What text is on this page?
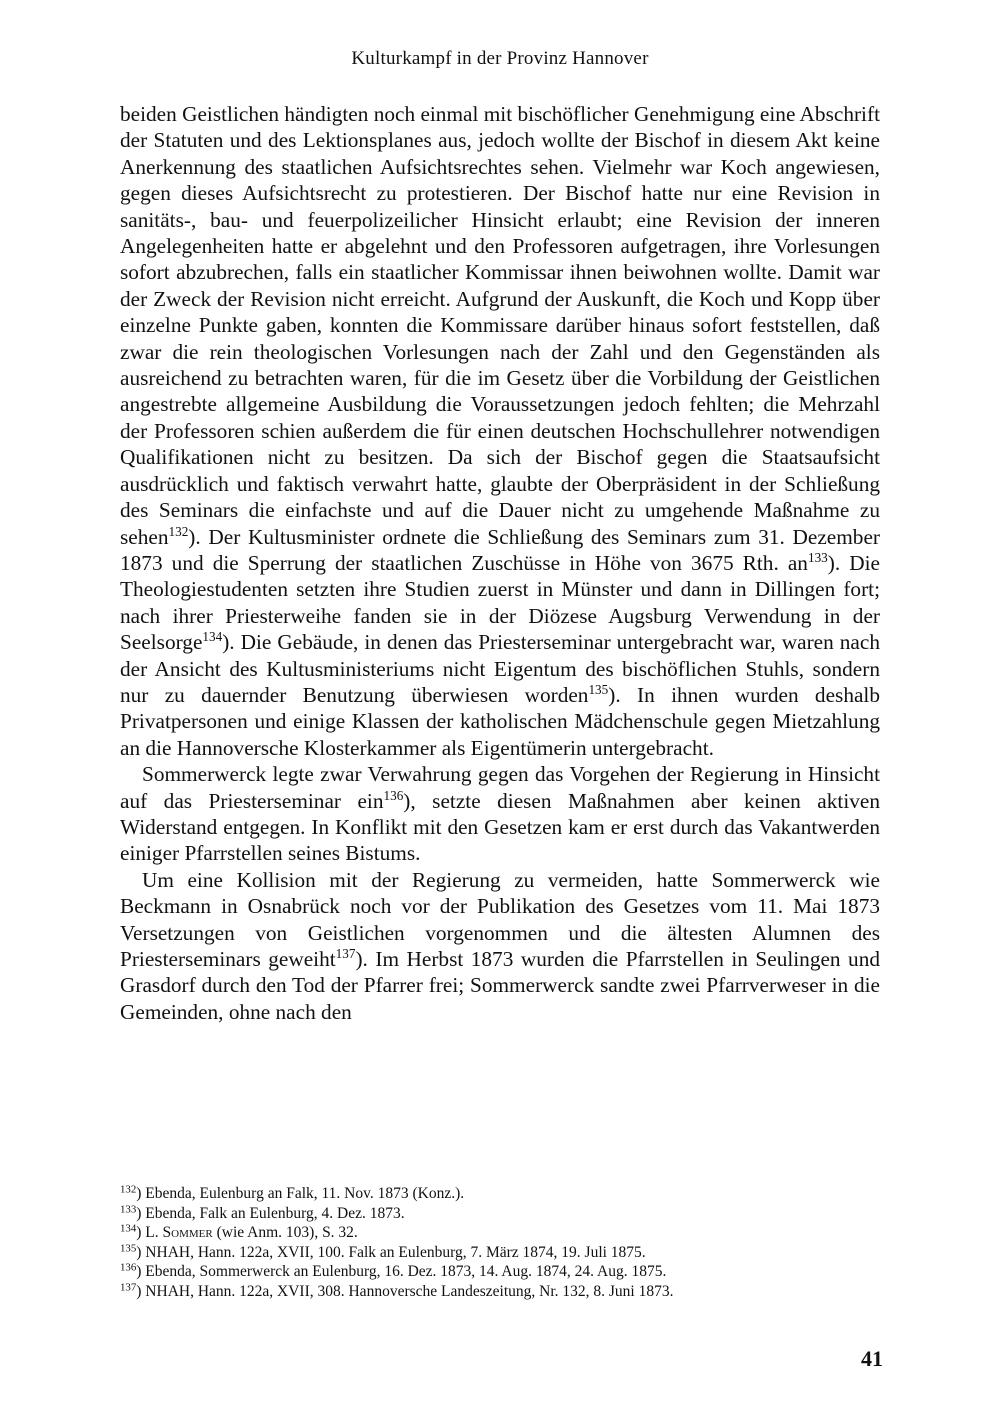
Kulturkampf in der Provinz Hannover

beiden Geistlichen händigten noch einmal mit bischöflicher Genehmigung eine Abschrift der Statuten und des Lektionsplanes aus, jedoch wollte der Bischof in diesem Akt keine Anerkennung des staatlichen Aufsichtsrechtes sehen. Vielmehr war Koch angewiesen, gegen dieses Aufsichtsrecht zu protestieren. Der Bischof hatte nur eine Revision in sanitäts-, bau- und feuerpolizeilicher Hinsicht erlaubt; eine Revision der inneren Angelegenheiten hatte er abgelehnt und den Professoren aufgetragen, ihre Vorlesungen sofort abzubrechen, falls ein staatlicher Kommissar ihnen beiwohnen wollte. Damit war der Zweck der Revision nicht erreicht. Aufgrund der Auskunft, die Koch und Kopp über einzelne Punkte gaben, konnten die Kommissare darüber hinaus sofort feststellen, daß zwar die rein theologischen Vorlesungen nach der Zahl und den Gegenständen als ausreichend zu betrachten waren, für die im Gesetz über die Vorbildung der Geistlichen angestrebte allgemeine Ausbildung die Voraussetzungen jedoch fehlten; die Mehrzahl der Professoren schien außerdem die für einen deutschen Hochschullehrer notwendigen Qualifikationen nicht zu besitzen. Da sich der Bischof gegen die Staatsaufsicht ausdrücklich und faktisch verwahrt hatte, glaubte der Oberpräsident in der Schließung des Seminars die einfachste und auf die Dauer nicht zu umgehende Maßnahme zu sehen$^{132}$). Der Kultusminister ordnete die Schließung des Seminars zum 31. Dezember 1873 und die Sperrung der staatlichen Zuschüsse in Höhe von 3675 Rth. an$^{133}$). Die Theologiestudenten setzten ihre Studien zuerst in Münster und dann in Dillingen fort; nach ihrer Priesterweihe fanden sie in der Diözese Augsburg Verwendung in der Seelsorge$^{134}$). Die Gebäude, in denen das Priesterseminar untergebracht war, waren nach der Ansicht des Kultusministeriums nicht Eigentum des bischöflichen Stuhls, sondern nur zu dauernder Benutzung überwiesen worden$^{135}$). In ihnen wurden deshalb Privatpersonen und einige Klassen der katholischen Mädchenschule gegen Mietzahlung an die Hannoversche Klosterkammer als Eigentümerin untergebracht.

Sommerwerck legte zwar Verwahrung gegen das Vorgehen der Regierung in Hinsicht auf das Priesterseminar ein$^{136}$), setzte diesen Maßnahmen aber keinen aktiven Widerstand entgegen. In Konflikt mit den Gesetzen kam er erst durch das Vakantwerden einiger Pfarrstellen seines Bistums.

Um eine Kollision mit der Regierung zu vermeiden, hatte Sommerwerck wie Beckmann in Osnabrück noch vor der Publikation des Gesetzes vom 11. Mai 1873 Versetzungen von Geistlichen vorgenommen und die ältesten Alumnen des Priesterseminars geweiht$^{137}$). Im Herbst 1873 wurden die Pfarrstellen in Seulingen und Grasdorf durch den Tod der Pfarrer frei; Sommerwerck sandte zwei Pfarrverweser in die Gemeinden, ohne nach den

$^{132}$) Ebenda, Eulenburg an Falk, 11. Nov. 1873 (Konz.).
$^{133}$) Ebenda, Falk an Eulenburg, 4. Dez. 1873.
$^{134}$) L. Sommer (wie Anm. 103), S. 32.
$^{135}$) NHAH, Hann. 122a, XVII, 100. Falk an Eulenburg, 7. März 1874, 19. Juli 1875.
$^{136}$) Ebenda, Sommerwerck an Eulenburg, 16. Dez. 1873, 14. Aug. 1874, 24. Aug. 1875.
$^{137}$) NHAH, Hann. 122a, XVII, 308. Hannoversche Landeszeitung, Nr. 132, 8. Juni 1873.
41
